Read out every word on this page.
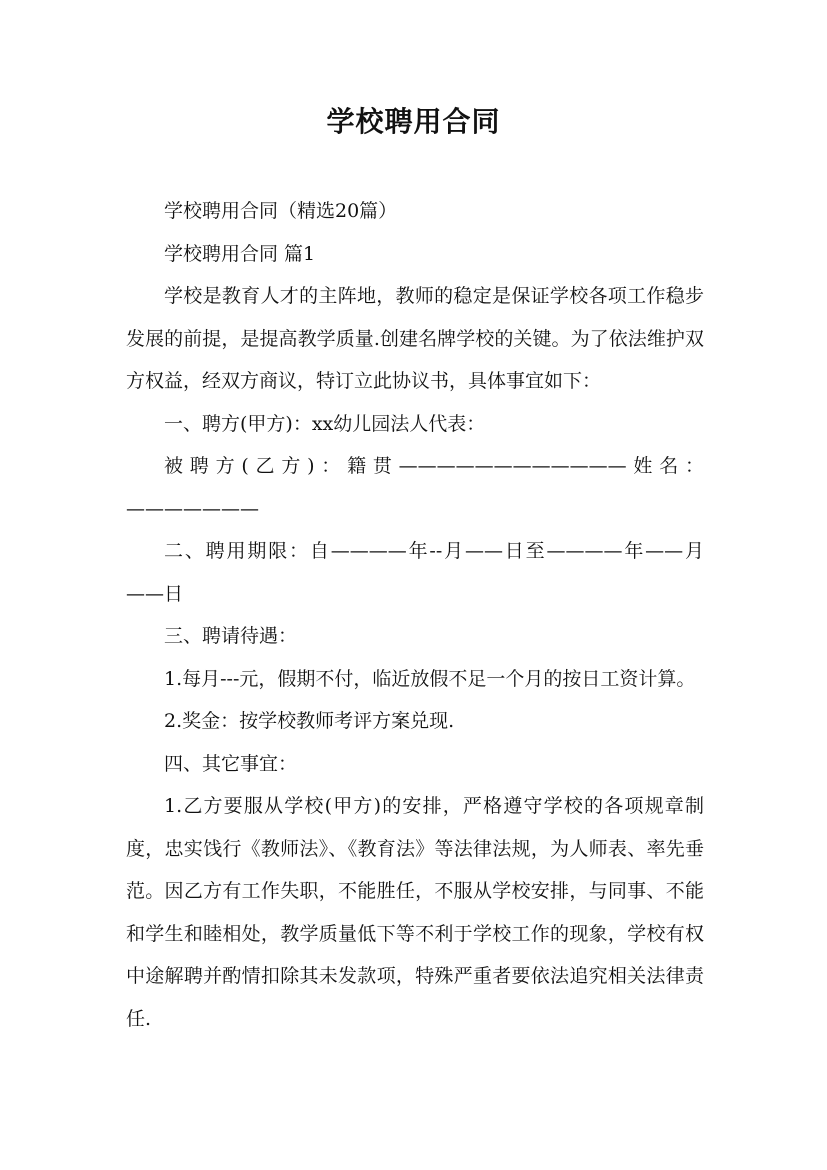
学校聘用合同

学校聘用合同（精选20篇）

学校聘用合同 篇1

学校是教育人才的主阵地，教师的稳定是保证学校各项工作稳步发展的前提，是提高教学质量.创建名牌学校的关键。为了依法维护双方权益，经双方商议，特订立此协议书，具体事宜如下：

一、聘方(甲方)：xx幼儿园法人代表：

被聘方(乙方)：籍贯————————————姓名：———————

二、聘用期限：自————年--月——日至————年——月——日

三、聘请待遇：

1.每月---元，假期不付，临近放假不足一个月的按日工资计算。

2.奖金：按学校教师考评方案兑现.

四、其它事宜：

1.乙方要服从学校(甲方)的安排，严格遵守学校的各项规章制度，忠实饯行《教师法》、《教育法》等法律法规，为人师表、率先垂范。因乙方有工作失职，不能胜任，不服从学校安排，与同事、不能和学生和睦相处，教学质量低下等不利于学校工作的现象，学校有权中途解聘并酌情扣除其未发款项，特殊严重者要依法追究相关法律责任.
